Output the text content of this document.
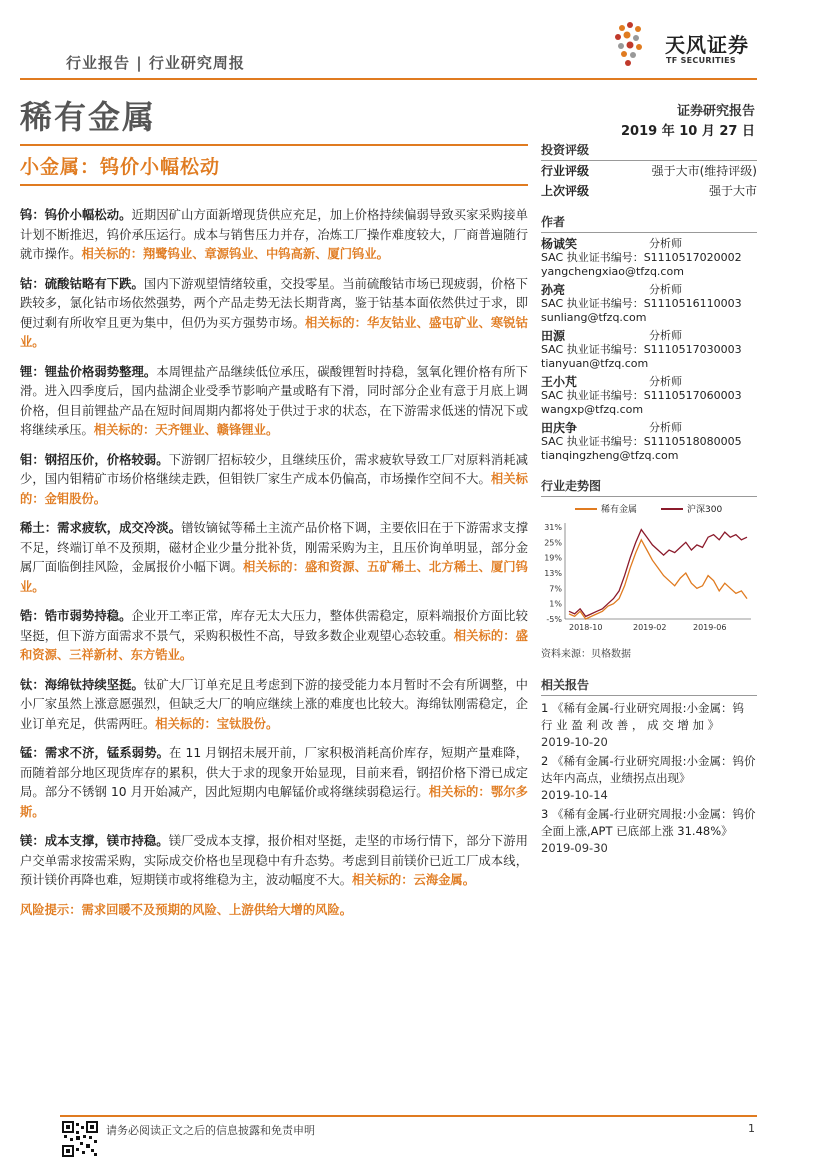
行业报告 | 行业研究周报
天风证券
TF SECURITIES
稀有金属	证券研究报告
2019 年 10 月 27 日
小金属：钨价小幅松动
钨：钨价小幅松动。近期因矿山方面新增现货供应充足，加上价格持续偏弱导致买家采购接单计划不断推迟，钨价承压运行。成本与销售压力并存，冶炼工厂操作难度较大，厂商普遍随行就市操作。相关标的：翔鹭钨业、章源钨业、中钨高新、厦门钨业。
钴：硫酸钴略有下跌。国内下游观望情绪较重，交投零星。当前硫酸钴市场已现疲弱，价格下跌较多，氯化钴市场依然强势，两个产品走势无法长期背离，鉴于钴基本面依然供过于求，即便过剩有所收窄且更为集中，但仍为买方强势市场。相关标的：华友钴业、盛屯矿业、寒锐钴业。
锂：锂盐价格弱势整理。本周锂盐产品继续低位承压，碳酸锂暂时持稳，氢氧化锂价格有所下滑。进入四季度后，国内盐湖企业受季节影响产量或略有下滑，同时部分企业有意于月底上调价格，但目前锂盐产品在短时间周期内都将处于供过于求的状态，在下游需求低迷的情况下或将继续承压。相关标的：天齐锂业、赣锋锂业。
钼：钢招压价，价格较弱。下游钢厂招标较少，且继续压价，需求疲软导致工厂对原料消耗减少，国内钼精矿市场价格继续走跌，但钼铁厂家生产成本仍偏高，市场操作空间不大。相关标的：金钼股份。
稀土：需求疲软，成交冷淡。镨钕镝铽等稀土主流产品价格下调，主要依旧在于下游需求支撑不足，终端订单不及预期，磁材企业少量分批补货，刚需采购为主，且压价询单明显，部分金属厂面临倒挂风险，金属报价小幅下调。相关标的：盛和资源、五矿稀土、北方稀土、厦门钨业。
锆：锆市弱势持稳。企业开工率正常，库存无太大压力，整体供需稳定，原料端报价方面比较坚挺，但下游方面需求不景气，采购积极性不高，导致多数企业观望心态较重。相关标的：盛和资源、三祥新材、东方锆业。
钛：海绵钛持续坚挺。钛矿大厂订单充足且考虑到下游的接受能力本月暂时不会有所调整，中小厂家虽然上涨意愿强烈，但缺乏大厂的响应继续上涨的难度也比较大。海绵钛刚需稳定，企业订单充足，供需两旺。相关标的：宝钛股份。
锰：需求不济，锰系弱势。在 11 月钢招未展开前，厂家积极消耗高价库存，短期产量难降，而随着部分地区现货库存的累积，供大于求的现象开始显现，目前来看，钢招价格下滑已成定局。部分不锈钢 10 月开始减产，因此短期内电解锰价或将继续弱稳运行。相关标的：鄂尔多斯。
镁：成本支撑，镁市持稳。镁厂受成本支撑，报价相对坚挺，走坚的市场行情下，部分下游用户交单需求按需采购，实际成交价格也呈现稳中有升态势。考虑到目前镁价已近工厂成本线，预计镁价再降也难，短期镁市或将维稳为主，波动幅度不大。相关标的：云海金属。
风险提示：需求回暖不及预期的风险、上游供给大增的风险。
投资评级
行业评级	强于大市(维持评级)
上次评级	强于大市
作者
杨诚笑	分析师
SAC 执业证书编号：S1110517020002
yangchengxiao@tfzq.com
孙亮	分析师
SAC 执业证书编号：S1110516110003
sunliang@tfzq.com
田源	分析师
SAC 执业证书编号：S1110517030003
tianyuan@tfzq.com
王小芃	分析师
SAC 执业证书编号：S1110517060003
wangxp@tfzq.com
田庆争	分析师
SAC 执业证书编号：S1110518080005
tianqingzheng@tfzq.com
行业走势图
稀有金属	沪深300
31%
25%
19%
13%
7%
1%
-5%
2018-10	2019-02	2019-06
资料来源：贝格数据
相关报告
1 《稀有金属-行业研究周报:小金属：钨 行 业 盈 利 改 善 ， 成 交 增 加 》
2019-10-20
2 《稀有金属-行业研究周报:小金属：钨价达年内高点，业绩拐点出现》
2019-10-14
3 《稀有金属-行业研究周报:小金属：钨价全面上涨,APT 已底部上涨 31.48%》
2019-09-30
请务必阅读正文之后的信息披露和免责申明	1
